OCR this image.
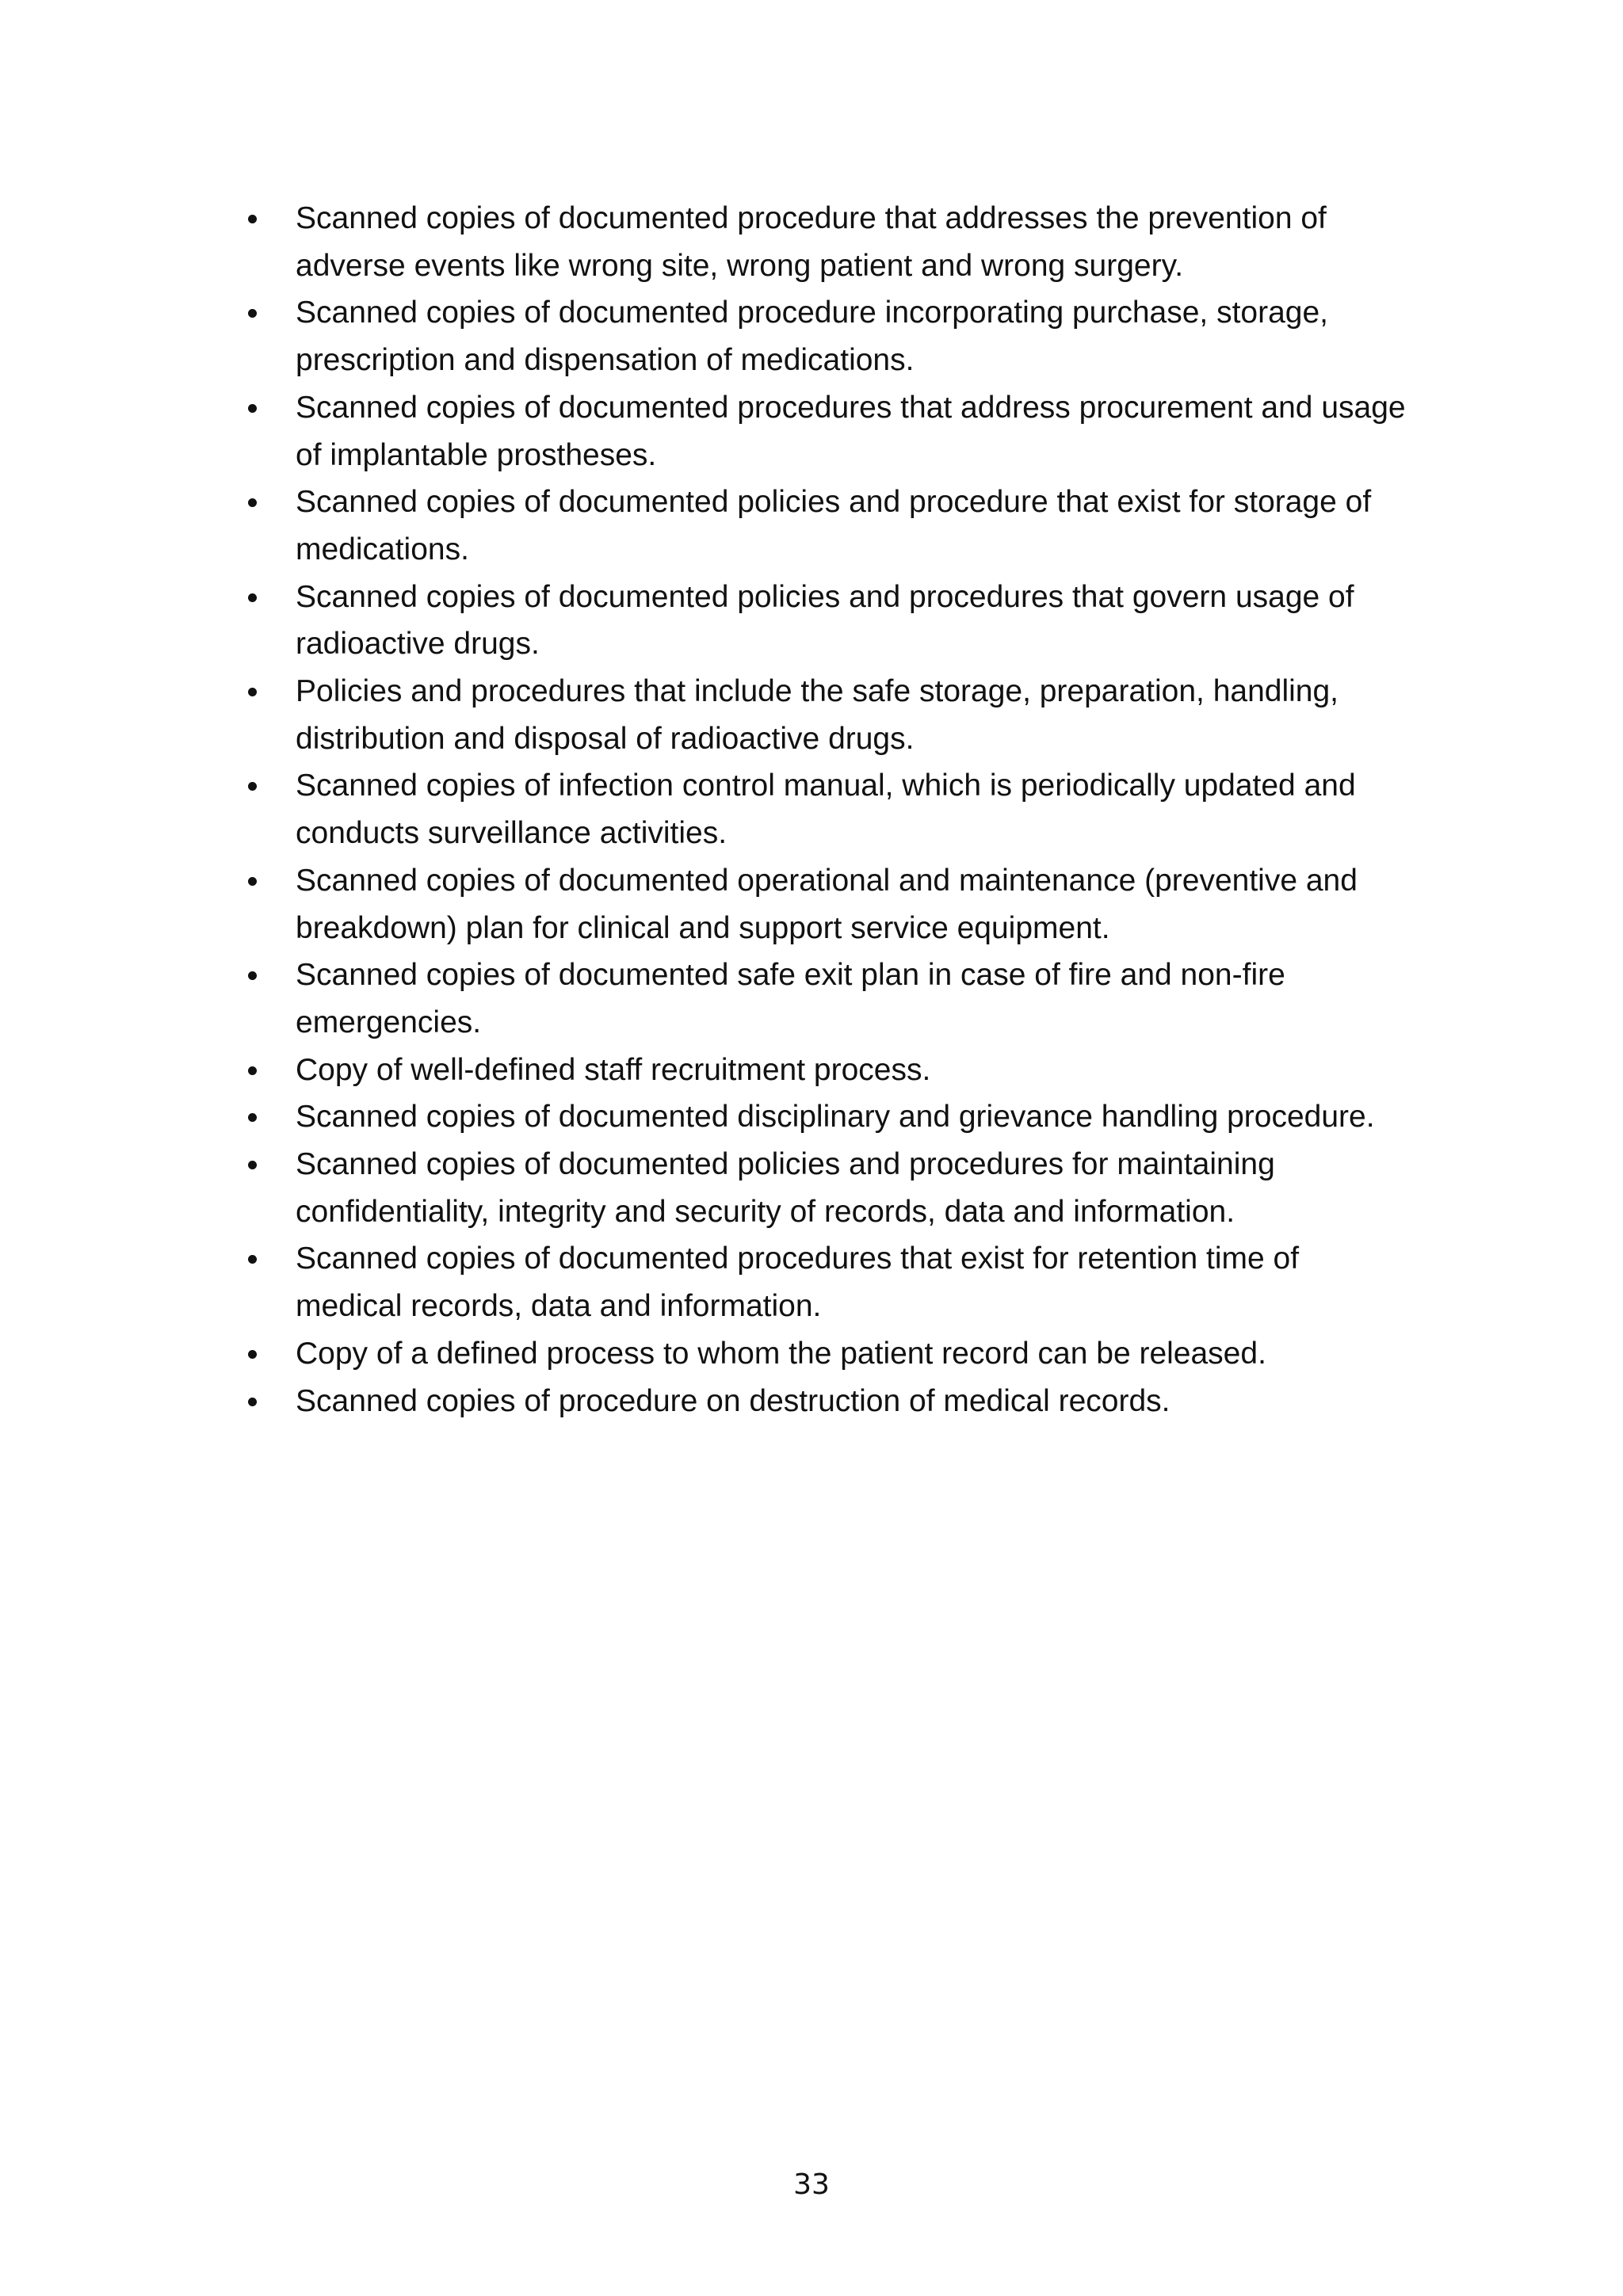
Scanned copies of documented procedure that addresses the prevention of
adverse events like wrong site, wrong patient and wrong surgery.
Scanned copies of documented procedure incorporating purchase, storage,
prescription and dispensation of medications.
Scanned copies of documented procedures that address procurement and usage
of implantable prostheses.
Scanned copies of documented policies and procedure that exist for storage of
medications.
Scanned copies of documented policies and procedures that govern usage of
radioactive drugs.
Policies and procedures that include the safe storage, preparation, handling,
distribution and disposal of radioactive drugs.
Scanned copies of infection control manual, which is periodically updated and
conducts surveillance activities.
Scanned copies of documented operational and maintenance (preventive and
breakdown) plan for clinical and support service equipment.
Scanned copies of documented safe exit plan in case of fire and non-fire
emergencies.
Copy of well-defined staff recruitment process.
Scanned copies of documented disciplinary and grievance handling procedure.
Scanned copies of documented policies and procedures for maintaining
confidentiality, integrity and security of records, data and information.
Scanned copies of documented procedures that exist for retention time of
medical records, data and information.
Copy of a defined process to whom the patient record can be released.
Scanned copies of procedure on destruction of medical records.
33
